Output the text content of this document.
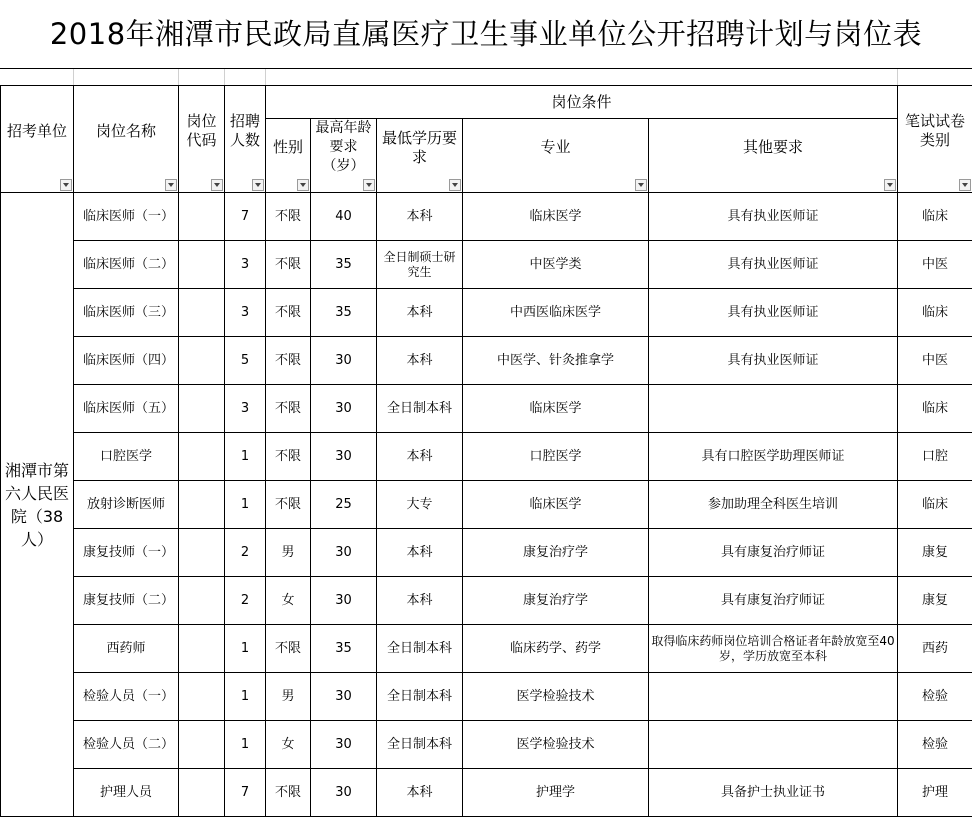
2018年湘潭市民政局直属医疗卫生事业单位公开招聘计划与岗位表
招考单位	岗位名称	岗位代码	招聘人数	岗位条件					笔试试卷类别

				性别	最高年龄要求（岁）	最低学历要求	专业	其他要求	

湘潭市第六人民医院（38人）	临床医师（一）		7	不限	40	本科	临床医学	具有执业医师证	临床
	临床医师（二）		3	不限	35	全日制硕士研究生	中医学类	具有执业医师证	中医
	临床医师（三）		3	不限	35	本科	中西医临床医学	具有执业医师证	临床
	临床医师（四）		5	不限	30	本科	中医学、针灸推拿学	具有执业医师证	中医
	临床医师（五）		3	不限	30	全日制本科	临床医学		临床
	口腔医学		1	不限	30	本科	口腔医学	具有口腔医学助理医师证	口腔
	放射诊断医师		1	不限	25	大专	临床医学	参加助理全科医生培训	临床
	康复技师（一）		2	男	30	本科	康复治疗学	具有康复治疗师证	康复
	康复技师（二）		2	女	30	本科	康复治疗学	具有康复治疗师证	康复
	西药师		1	不限	35	全日制本科	临床药学、药学	取得临床药师岗位培训合格证者年龄放宽至40岁，学历放宽至本科	西药
	检验人员（一）		1	男	30	全日制本科	医学检验技术		检验
	检验人员（二）		1	女	30	全日制本科	医学检验技术		检验
	护理人员		7	不限	30	本科	护理学	具备护士执业证书	护理
